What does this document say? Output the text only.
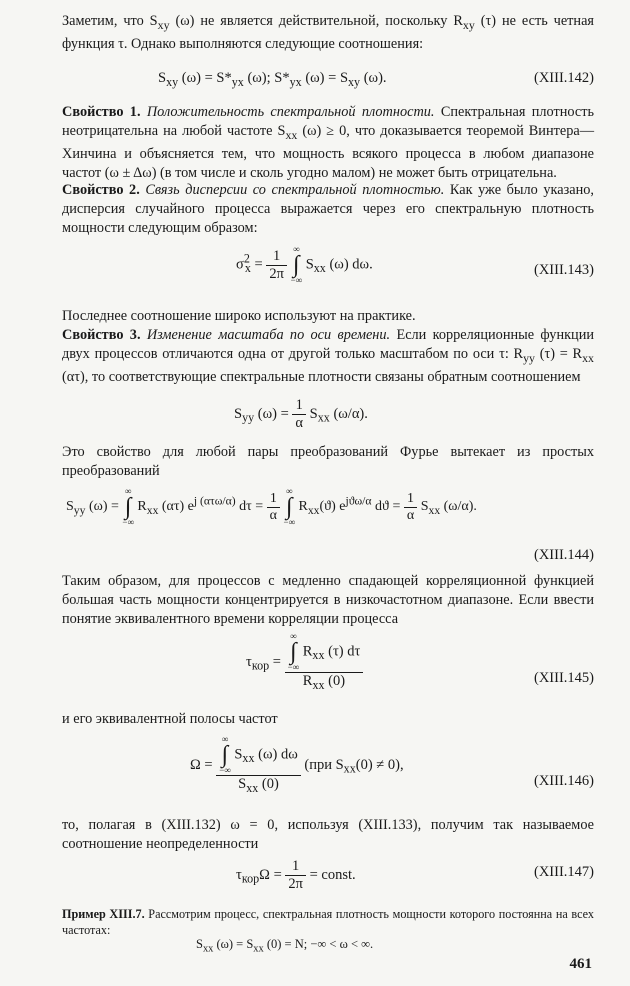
Заметим, что $S_{xy}$ (ω) не является действительной, поскольку $R_{xy}$ (τ) не есть четная функция τ. Однако выполняются следующие соотношения:

$S_{xy}$ $(\omega) = S*_{yx}$ (ω); $S*_{yx}$ $(\omega) = S_{xy}$ (ω).	(XIII.142)

Свойство 1. Положительность спектральной плотности. Спектральная плотность неотрицательна на любой частоте $S_{xx}$ (ω) ≥ 0, что доказывается теоремой Винтера—Хинчина и объясняется тем, что мощность всякого процесса в любом диапазоне частот (ω ± Δω) (в том числе и сколь угодно малом) не может быть отрицательна.

Свойство 2. Связь дисперсии со спектральной плотностью. Как уже было указано, дисперсия случайного процесса выражается через его спектральную плотность мощности следующим образом:

$\sigma^2_x = \frac{1}{2\pi}$
∞
∫
−∞
$S_{xx}$ (ω) dω.	(XIII.143)

Последнее соотношение широко используют на практике.

Свойство 3. Изменение масштаба по оси времени. Если корреляционные функции двух процессов отличаются одна от другой только масштабом по оси τ: $R_{yy}$ $(\tau) = R_{xx}$ (ατ), то соответствующие спектральные плотности связаны обратным соотношением

$S_{yy}$ $(\omega) = \frac{1}{\alpha} S_{xx}$ (ω/α).

Это свойство для любой пары преобразований Фурье вытекает из простых преобразований

$S_{yy}$ (ω) =
∞
∫
−∞
$R_{xx}$ (ατ) $e^{j (\alpha\tau\omega/\alpha)}$ $d\tau = \frac{1}{\alpha}$
∞
∫
−∞
$R_{xx}(ϑ)$ $e^{jϑ\omega/\alpha}$ $dϑ = \frac{1}{\alpha} S_{xx}$ (ω/α).
(XIII.144)

Таким образом, для процессов с медленно спадающей корреляционной функцией большая часть мощности концентрируется в низкочастотном диапазоне. Если ввести понятие эквивалентного времени корреляции процесса

$\tau_{кор}$ = ∞
∫
−∞
$R_{xx}$ (τ) dτ
$R_{xx}$ (0)	(XIII.145)

и его эквивалентной полосы частот

Ω = ∞
∫
−∞
$S_{xx}$ (ω) dω
$S_{xx}$ (0) (при $S_{xx}(0) \ne 0$),
(XIII.146)

то, полагая в (XIII.132) ω = 0, используя (XIII.133), получим так называемое соотношение неопределенности

$\tau_{кор}\Omega = \frac{1}{2\pi}$ = const.	(XIII.147)

Пример XIII.7. Рассмотрим процесс, спектральная плотность мощности которого постоянна на всех частотах:

$S_{xx}$ $(\omega) = S_{xx}$ (0) = N; −∞ < ω < ∞.
461
